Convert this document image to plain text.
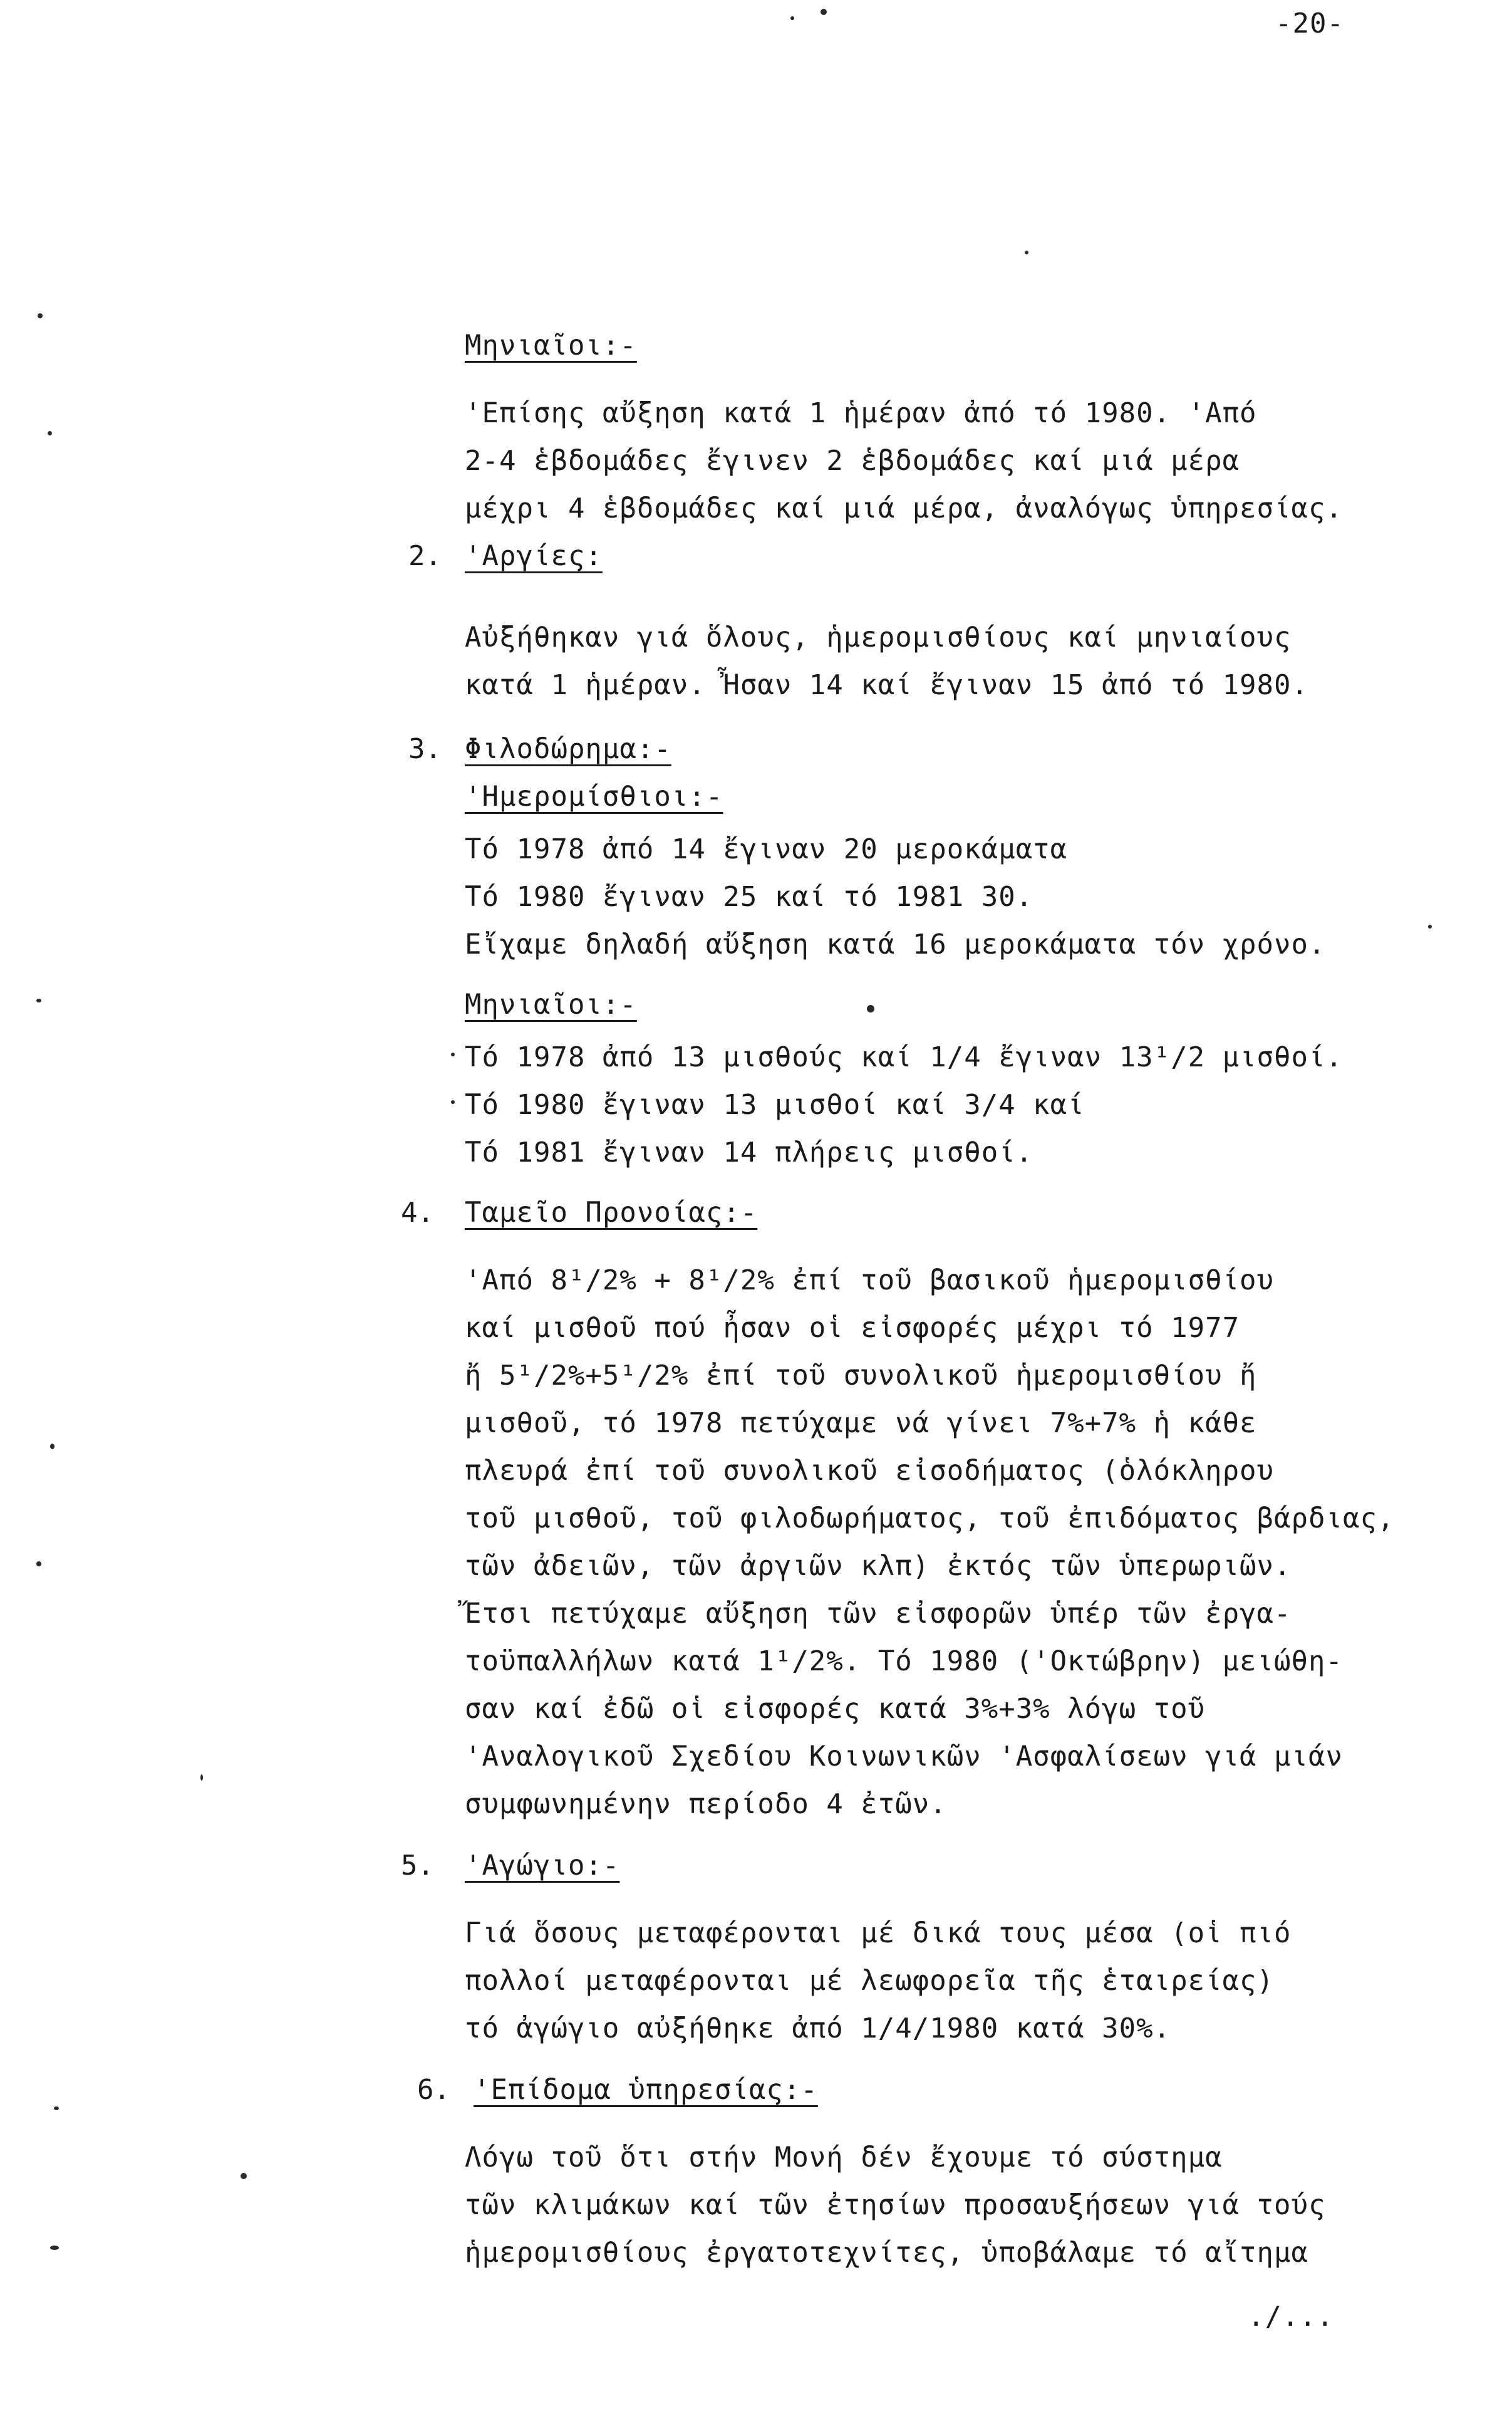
-20-
Μηνιαῖοι:-
'Επίσης αὔξηση κατά 1 ἡμέραν ἀπό τό 1980. 'Από
2-4 ἑβδομάδες ἔγινεν 2 ἑβδομάδες καί μιά μέρα
μέχρι 4 ἑβδομάδες καί μιά μέρα, ἀναλόγως ὑπηρεσίας.
2. 'Αργίες:
Αὐξήθηκαν γιά ὅλους, ἡμερομισθίους καί μηνιαίους
κατά 1 ἡμέραν. Ἦσαν 14 καί ἔγιναν 15 ἀπό τό 1980.
3. Φιλοδώρημα:-
'Ημερομίσθιοι:-
Τό 1978 ἀπό 14 ἔγιναν 20 μεροκάματα
Τό 1980 ἔγιναν 25 καί τό 1981 30.
Εἴχαμε δηλαδή αὔξηση κατά 16 μεροκάματα τόν χρόνο.
Μηνιαῖοι:-
Τό 1978 ἀπό 13 μισθούς καί 1/4 ἔγιναν 13¹/2 μισθοί.
Τό 1980 ἔγιναν 13 μισθοί καί 3/4 καί
Τό 1981 ἔγιναν 14 πλήρεις μισθοί.
4. Ταμεῖο Προνοίας:-
'Από 8¹/2% + 8¹/2% ἐπί τοῦ βασικοῦ ἡμερομισθίου
καί μισθοῦ πού ἦσαν οἱ εἰσφορές μέχρι τό 1977
ἤ 5¹/2%+5¹/2% ἐπί τοῦ συνολικοῦ ἡμερομισθίου ἤ
μισθοῦ, τό 1978 πετύχαμε νά γίνει 7%+7% ἡ κάθε
πλευρά ἐπί τοῦ συνολικοῦ εἰσοδήματος (ὁλόκληρου
τοῦ μισθοῦ, τοῦ φιλοδωρήματος, τοῦ ἐπιδόματος βάρδιας,
τῶν ἀδειῶν, τῶν ἀργιῶν κλπ) ἐκτός τῶν ὑπερωριῶν.
Ἔτσι πετύχαμε αὔξηση τῶν εἰσφορῶν ὑπέρ τῶν ἐργα-
τοϋπαλλήλων κατά 1¹/2%. Τό 1980 ('Οκτώβρην) μειώθη-
σαν καί ἐδῶ οἱ εἰσφορές κατά 3%+3% λόγω τοῦ
'Αναλογικοῦ Σχεδίου Κοινωνικῶν 'Ασφαλίσεων γιά μιάν
συμφωνημένην περίοδο 4 ἐτῶν.
5. 'Αγώγιο:-
Γιά ὅσους μεταφέρονται μέ δικά τους μέσα (οἱ πιό
πολλοί μεταφέρονται μέ λεωφορεῖα τῆς ἑταιρείας)
τό ἀγώγιο αὐξήθηκε ἀπό 1/4/1980 κατά 30%.
6. 'Επίδομα ὑπηρεσίας:-
Λόγω τοῦ ὅτι στήν Μονή δέν ἔχουμε τό σύστημα
τῶν κλιμάκων καί τῶν ἐτησίων προσαυξήσεων γιά τούς
ἡμερομισθίους ἐργατοτεχνίτες, ὑποβάλαμε τό αἴτημα
./...
